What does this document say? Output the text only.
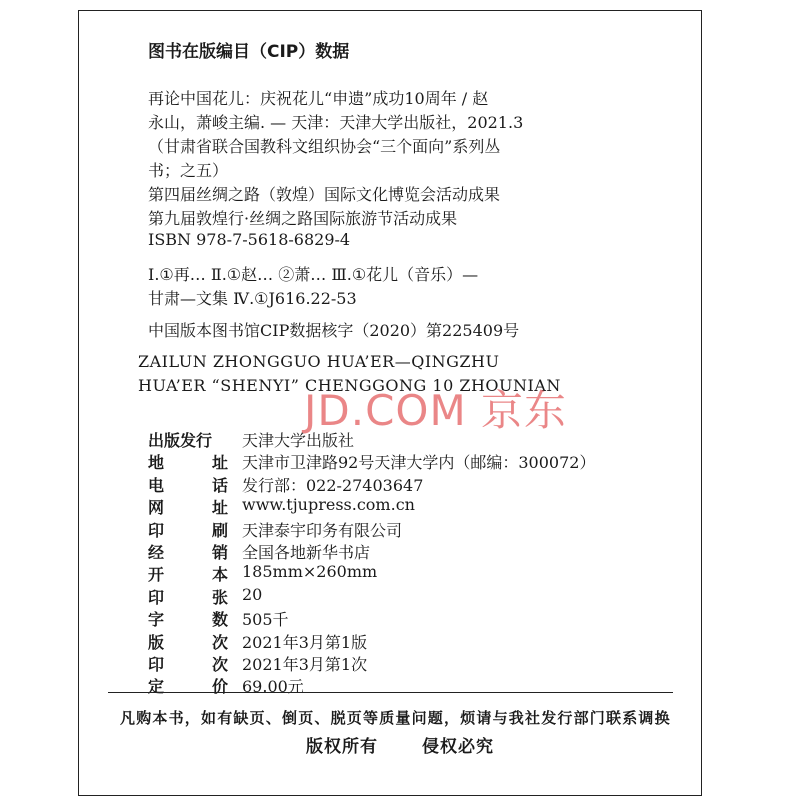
图书在版编目（CIP）数据
再论中国花儿：庆祝花儿“申遗”成功10周年 / 赵
永山，萧峻主编. — 天津：天津大学出版社，2021.3
（甘肃省联合国教科文组织协会“三个面向”系列丛
书；之五）
第四届丝绸之路（敦煌）国际文化博览会活动成果
第九届敦煌行·丝绸之路国际旅游节活动成果
ISBN 978-7-5618-6829-4
Ⅰ.①再… Ⅱ.①赵… ②萧… Ⅲ.①花儿（音乐）—
甘肃—文集 Ⅳ.①J616.22-53
中国版本图书馆CIP数据核字（2020）第225409号
ZAILUN ZHONGGUO HUA’ER—QINGZHU
HUA’ER “SHENYI” CHENGGONG 10 ZHOUNIAN
JD.COM 京东
出版发行 天津大学出版社
地	址 天津市卫津路92号天津大学内（邮编：300072）
电	话 发行部：022-27403647
网	址 www.tjupress.com.cn
印	刷 天津泰宇印务有限公司
经	销 全国各地新华书店
开	本 185mm×260mm
印	张 20
字	数 505千
版	次 2021年3月第1版
印	次 2021年3月第1次
定	价 69.00元
凡购本书，如有缺页、倒页、脱页等质量问题，烦请与我社发行部门联系调换
版权所有	侵权必究
